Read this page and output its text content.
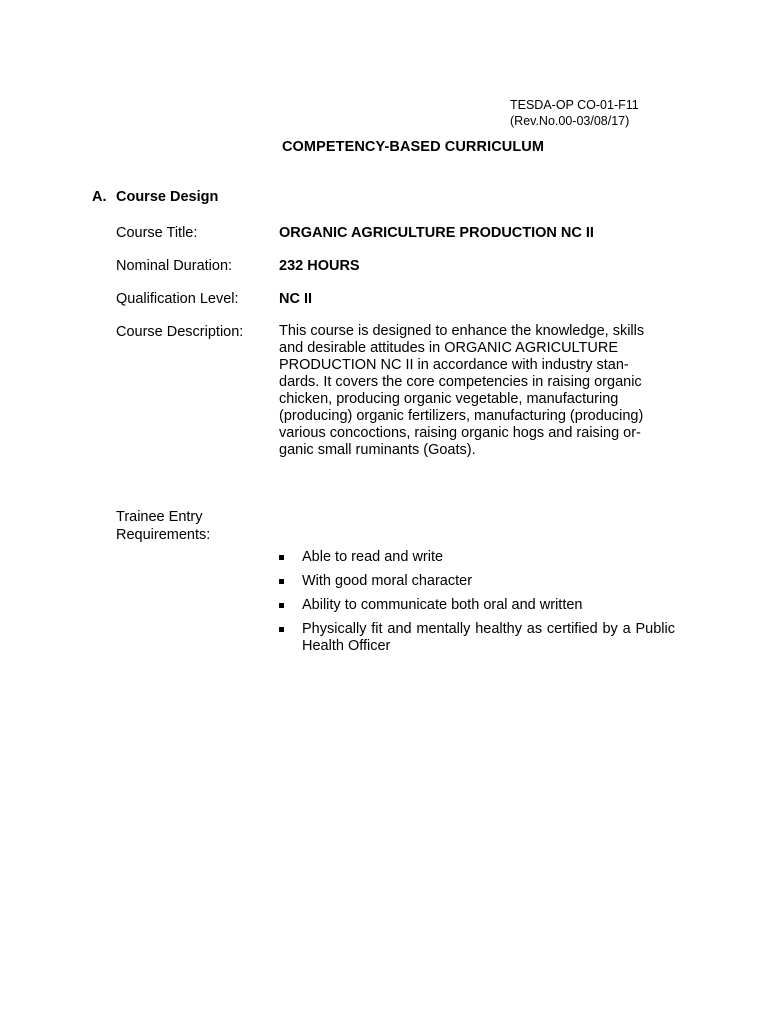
TESDA-OP CO-01-F11
(Rev.No.00-03/08/17)
COMPETENCY-BASED CURRICULUM
A. Course Design
Course Title:	ORGANIC AGRICULTURE PRODUCTION NC II
Nominal Duration:	232 HOURS
Qualification Level:	NC II
Course Description: This course is designed to enhance the knowledge, skills
and desirable attitudes in ORGANIC AGRICULTURE
PRODUCTION NC II in accordance with industry stan-
dards. It covers the core competencies in raising organic
chicken, producing organic vegetable, manufacturing
(producing) organic fertilizers, manufacturing (producing)
various concoctions, raising organic hogs and raising or-
ganic small ruminants (Goats).
Trainee Entry
Requirements:
Able to read and write
With good moral character
Ability to communicate both oral and written
Physically fit and mentally healthy as certified by a Public Health Officer
